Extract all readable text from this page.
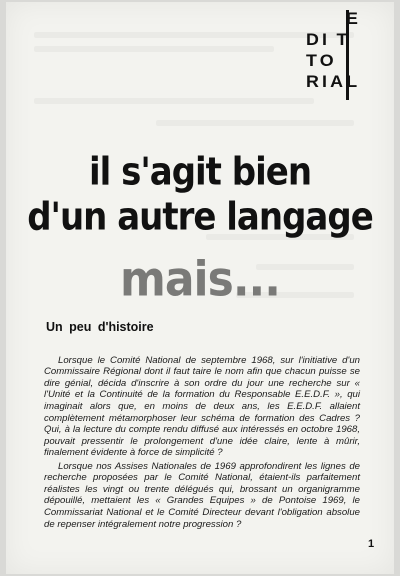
E
DI T
TO
RIAL
il s'agit bien
d'un autre langage
mais...
Un peu d'histoire

Lorsque le Comité National de septembre 1968, sur l'initiative d'un Commissaire Régional dont il faut taire le nom afin que chacun puisse se dire génial, décida d'inscrire à son ordre du jour une recherche sur « l'Unité et la Continuité de la formation du Responsable E.E.D.F. », qui imaginait alors que, en moins de deux ans, les E.E.D.F. allaient complètement métamorphoser leur schéma de formation des Cadres ? Qui, à la lecture du compte rendu diffusé aux intéressés en octobre 1968, pouvait pressentir le prolongement d'une idée claire, lente à mûrir, finalement évidente à force de simplicité ?

Lorsque nos Assises Nationales de 1969 approfondirent les lignes de recherche proposées par le Comité National, étaient-ils parfaitement réalistes les vingt ou trente délégués qui, brossant un organigramme dépouillé, mettaient les « Grandes Equipes » de Pontoise 1969, le Commissariat National et le Comité Directeur devant l'obligation absolue de repenser intégralement notre progression ?

1
